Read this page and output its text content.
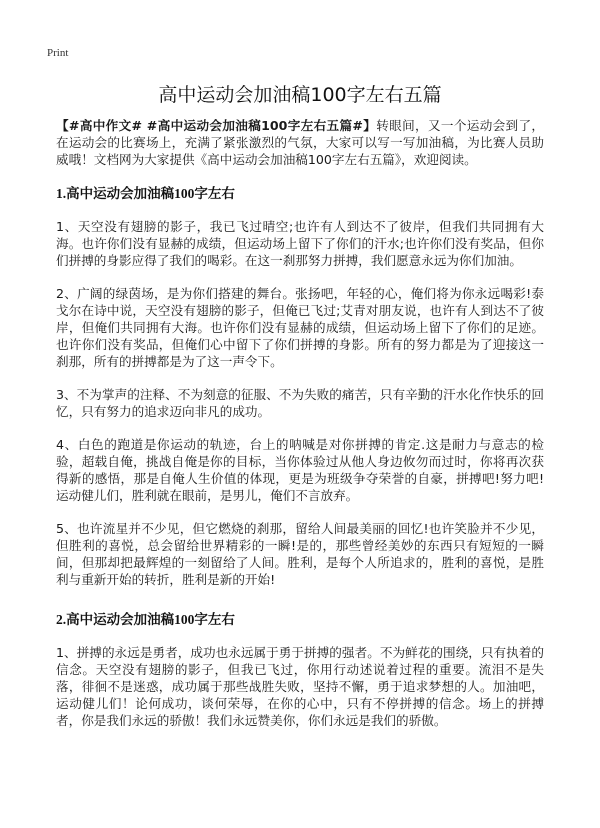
Print
高中运动会加油稿100字左右五篇

【#高中作文# #高中运动会加油稿100字左右五篇#】转眼间，又一个运动会到了，在运动会的比赛场上，充满了紧张激烈的气氛，大家可以写一写加油稿，为比赛人员助威哦！文档网为大家提供《高中运动会加油稿100字左右五篇》，欢迎阅读。

1.高中运动会加油稿100字左右

1、天空没有翅膀的影子，我已飞过晴空;也许有人到达不了彼岸，但我们共同拥有大海。也许你们没有显赫的成绩，但运动场上留下了你们的汗水;也许你们没有奖品，但你们拼搏的身影应得了我们的喝彩。在这一刹那努力拼搏，我们愿意永远为你们加油。

2、广阔的绿茵场，是为你们搭建的舞台。张扬吧，年轻的心，俺们将为你永远喝彩!泰戈尔在诗中说，天空没有翅膀的影子，但俺已飞过;艾青对朋友说，也许有人到达不了彼岸，但俺们共同拥有大海。也许你们没有显赫的成绩，但运动场上留下了你们的足迹。也许你们没有奖品，但俺们心中留下了你们拼搏的身影。所有的努力都是为了迎接这一刹那，所有的拼搏都是为了这一声令下。

3、不为掌声的注释、不为刻意的征服、不为失败的痛苦，只有辛勤的汗水化作快乐的回忆，只有努力的追求迈向非凡的成功。

4、白色的跑道是你运动的轨迹，台上的呐喊是对你拼搏的肯定.这是耐力与意志的检验，超载自俺，挑战自俺是你的目标，当你体验过从他人身边攸勿而过时，你将再次获得新的感悟，那是自俺人生价值的体现，更是为班级争夺荣誉的自豪，拼搏吧!努力吧!运动健儿们，胜利就在眼前，是男儿，俺们不言放弃。

5、也许流星并不少见，但它燃烧的刹那，留给人间最美丽的回忆!也许笑脸并不少见，但胜利的喜悦，总会留给世界精彩的一瞬!是的，那些曾经美妙的东西只有短短的一瞬间，但那却把最辉煌的一刻留给了人间。胜利，是每个人所追求的，胜利的喜悦，是胜利与重新开始的转折，胜利是新的开始!

2.高中运动会加油稿100字左右

1、拼搏的永远是勇者，成功也永远属于勇于拼搏的强者。不为鲜花的围绕，只有执着的信念。天空没有翅膀的影子，但我已飞过，你用行动述说着过程的重要。流泪不是失落，徘徊不是迷惑，成功属于那些战胜失败，坚持不懈，勇于追求梦想的人。加油吧，运动健儿们！论何成功，谈何荣辱，在你的心中，只有不停拼搏的信念。场上的拼搏者，你是我们永远的骄傲！我们永远赞美你，你们永远是我们的骄傲。
